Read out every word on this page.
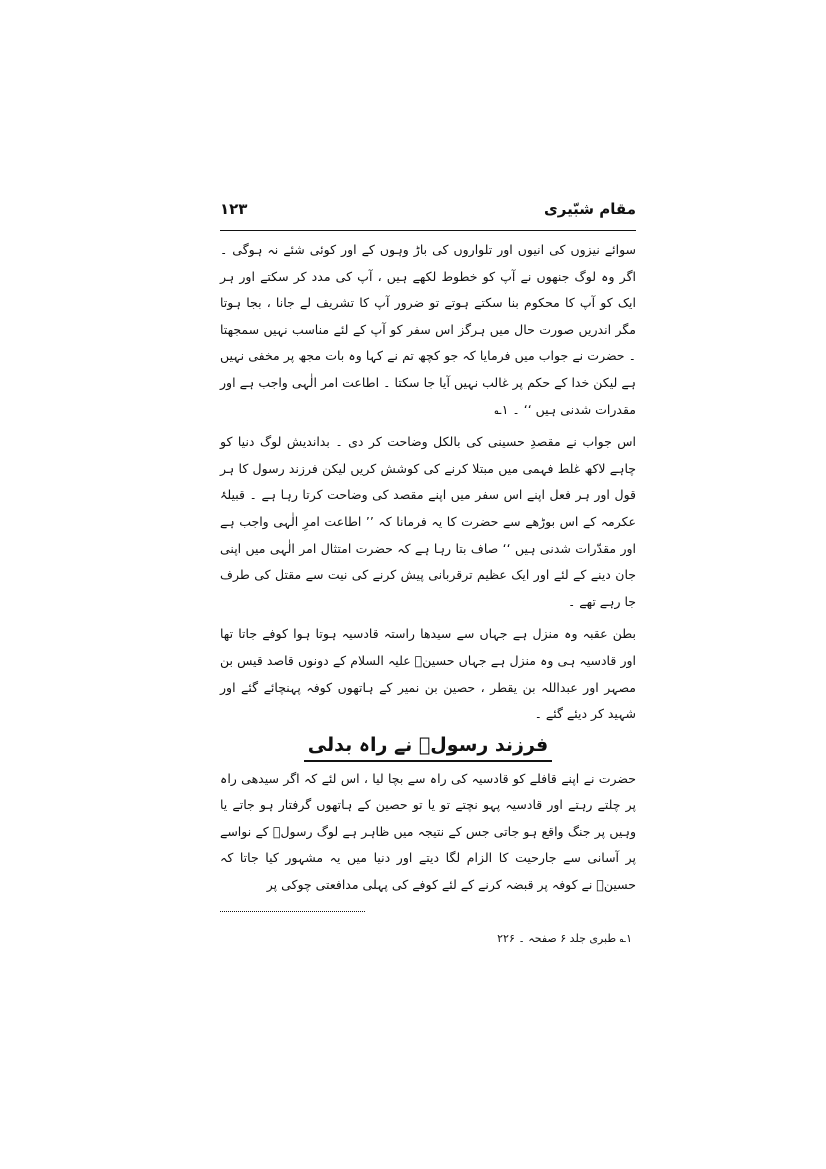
مقام شبّیری
۱۲۳

سوائے نیزوں کی انیوں اور تلواروں کی باڑ وہوں کے اور کوئی شئے نہ ہوگی ۔ اگر وہ لوگ جنھوں نے آپ کو خطوط لکھے ہیں ، آپ کی مدد کر سکتے اور ہر ایک کو آپ کا محکوم بنا سکتے ہوتے تو ضرور آپ کا تشریف لے جانا ، بجا ہوتا مگر اندریں صورت حال میں ہرگز اس سفر کو آپ کے لئے مناسب نہیں سمجھتا ۔ حضرت نے جواب میں فرمایا کہ جو کچھ تم نے کہا وہ بات مجھ پر مخفی نہیں ہے لیکن خدا کے حکم پر غالب نہیں آیا جا سکتا ۔ اطاعت امر الٰہی واجب ہے اور مقدرات شدنی ہیں ‘‘ ۔ ۱؎

اس جواب نے مقصدِ حسینی کی بالکل وضاحت کر دی ۔ بداندیش لوگ دنیا کو چاہے لاکھ غلط فہمی میں مبتلا کرنے کی کوشش کریں لیکن فرزند رسول کا ہر قول اور ہر فعل اپنے اس سفر میں اپنے مقصد کی وضاحت کرتا رہا ہے ۔ قبیلۂ عکرمہ کے اس بوڑھے سے حضرت کا یہ فرمانا کہ ’’ اطاعت امرِ الٰہی واجب ہے اور مقدّرات شدنی ہیں ‘‘ صاف بتا رہا ہے کہ حضرت امتثال امر الٰہی میں اپنی جان دینے کے لئے اور ایک عظیم ترقربانی پیش کرنے کی نیت سے مقتل کی طرف جا رہے تھے ۔

بطن عقبہ وہ منزل ہے جہاں سے سیدھا راستہ قادسیہ ہوتا ہوا کوفے جاتا تھا اور قادسیہ ہی وہ منزل ہے جہاں حسینؑ علیہ السلام کے دونوں قاصد قیس بن مصہر اور عبداللہ بن یقطر ، حصین بن نمیر کے ہاتھوں کوفہ پہنچائے گئے اور شہید کر دیئے گئے ۔

فرزند رسولؐ نے راہ بدلی

حضرت نے اپنے قافلے کو قادسیہ کی راہ سے بچا لیا ، اس لئے کہ اگر سیدھی راہ پر چلتے رہتے اور قادسیہ پہو نچتے تو یا تو حصین کے ہاتھوں گرفتار ہو جاتے یا وہیں پر جنگ واقع ہو جاتی جس کے نتیجہ میں ظاہر ہے لوگ رسولؐ کے نواسے پر آسانی سے جارحیت کا الزام لگا دیتے اور دنیا میں یہ مشہور کیا جاتا کہ حسینؑ نے کوفہ پر قبضہ کرنے کے لئے کوفے کی پہلی مدافعتی چوکی پر

۱؎ طبری جلد ۶ صفحہ ۔ ۲۲۶
